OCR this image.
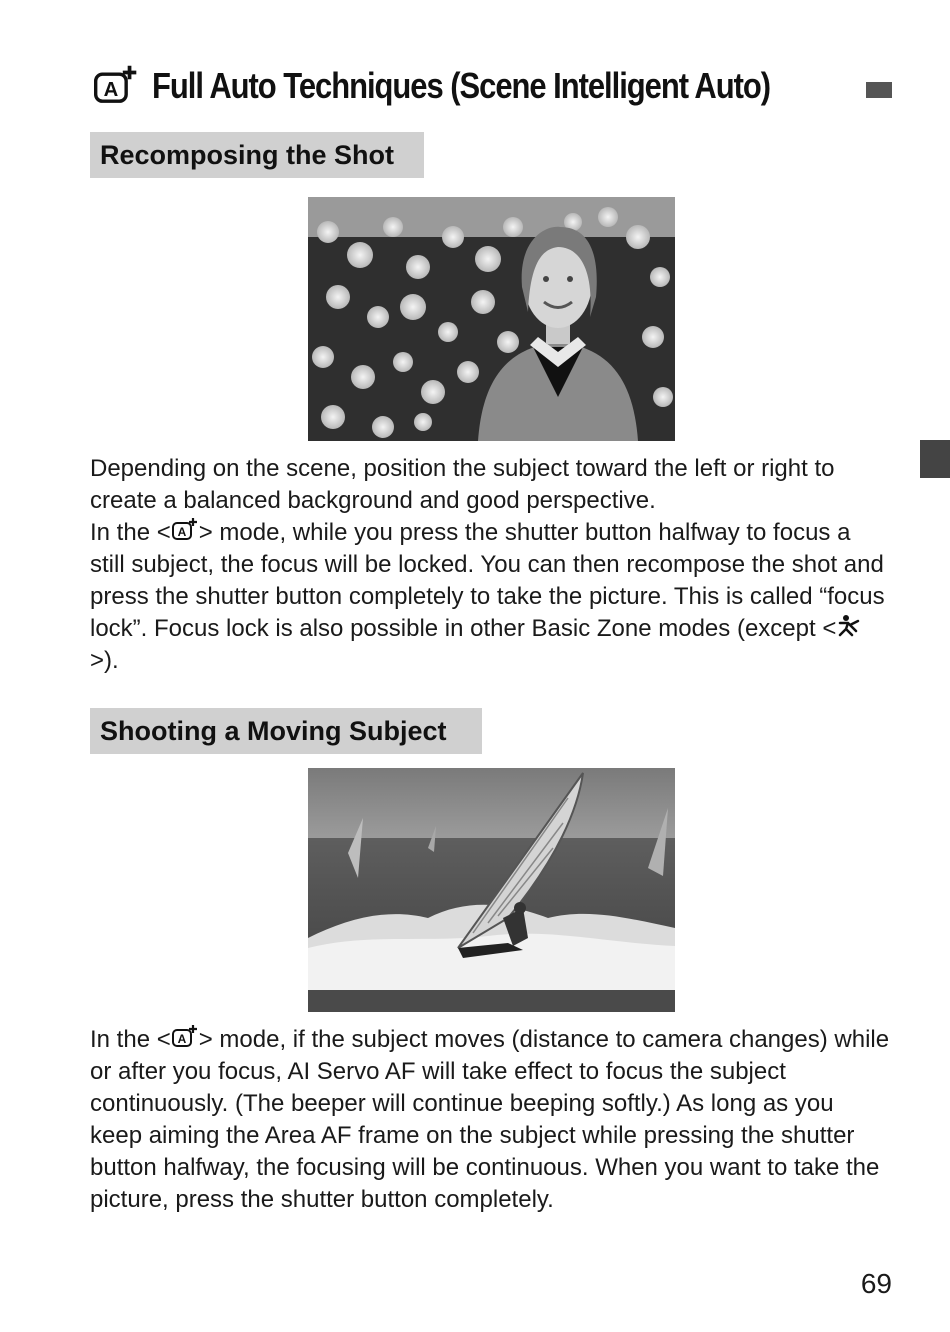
A Full Auto Techniques (Scene Intelligent Auto)
Recomposing the Shot

Depending on the scene, position the subject toward the left or right to create a balanced background and good perspective.

In the < A > mode, while you press the shutter button halfway to focus a still subject, the focus will be locked. You can then recompose the shot and press the shutter button completely to take the picture. This is called “focus lock”. Focus lock is also possible in other Basic Zone modes (except <
>).

Shooting a Moving Subject

In the < A > mode, if the subject moves (distance to camera changes) while or after you focus, AI Servo AF will take effect to focus the subject continuously. (The beeper will continue beeping softly.) As long as you keep aiming the Area AF frame on the subject while pressing the shutter button halfway, the focusing will be continuous. When you want to take the picture, press the shutter button completely.

69
